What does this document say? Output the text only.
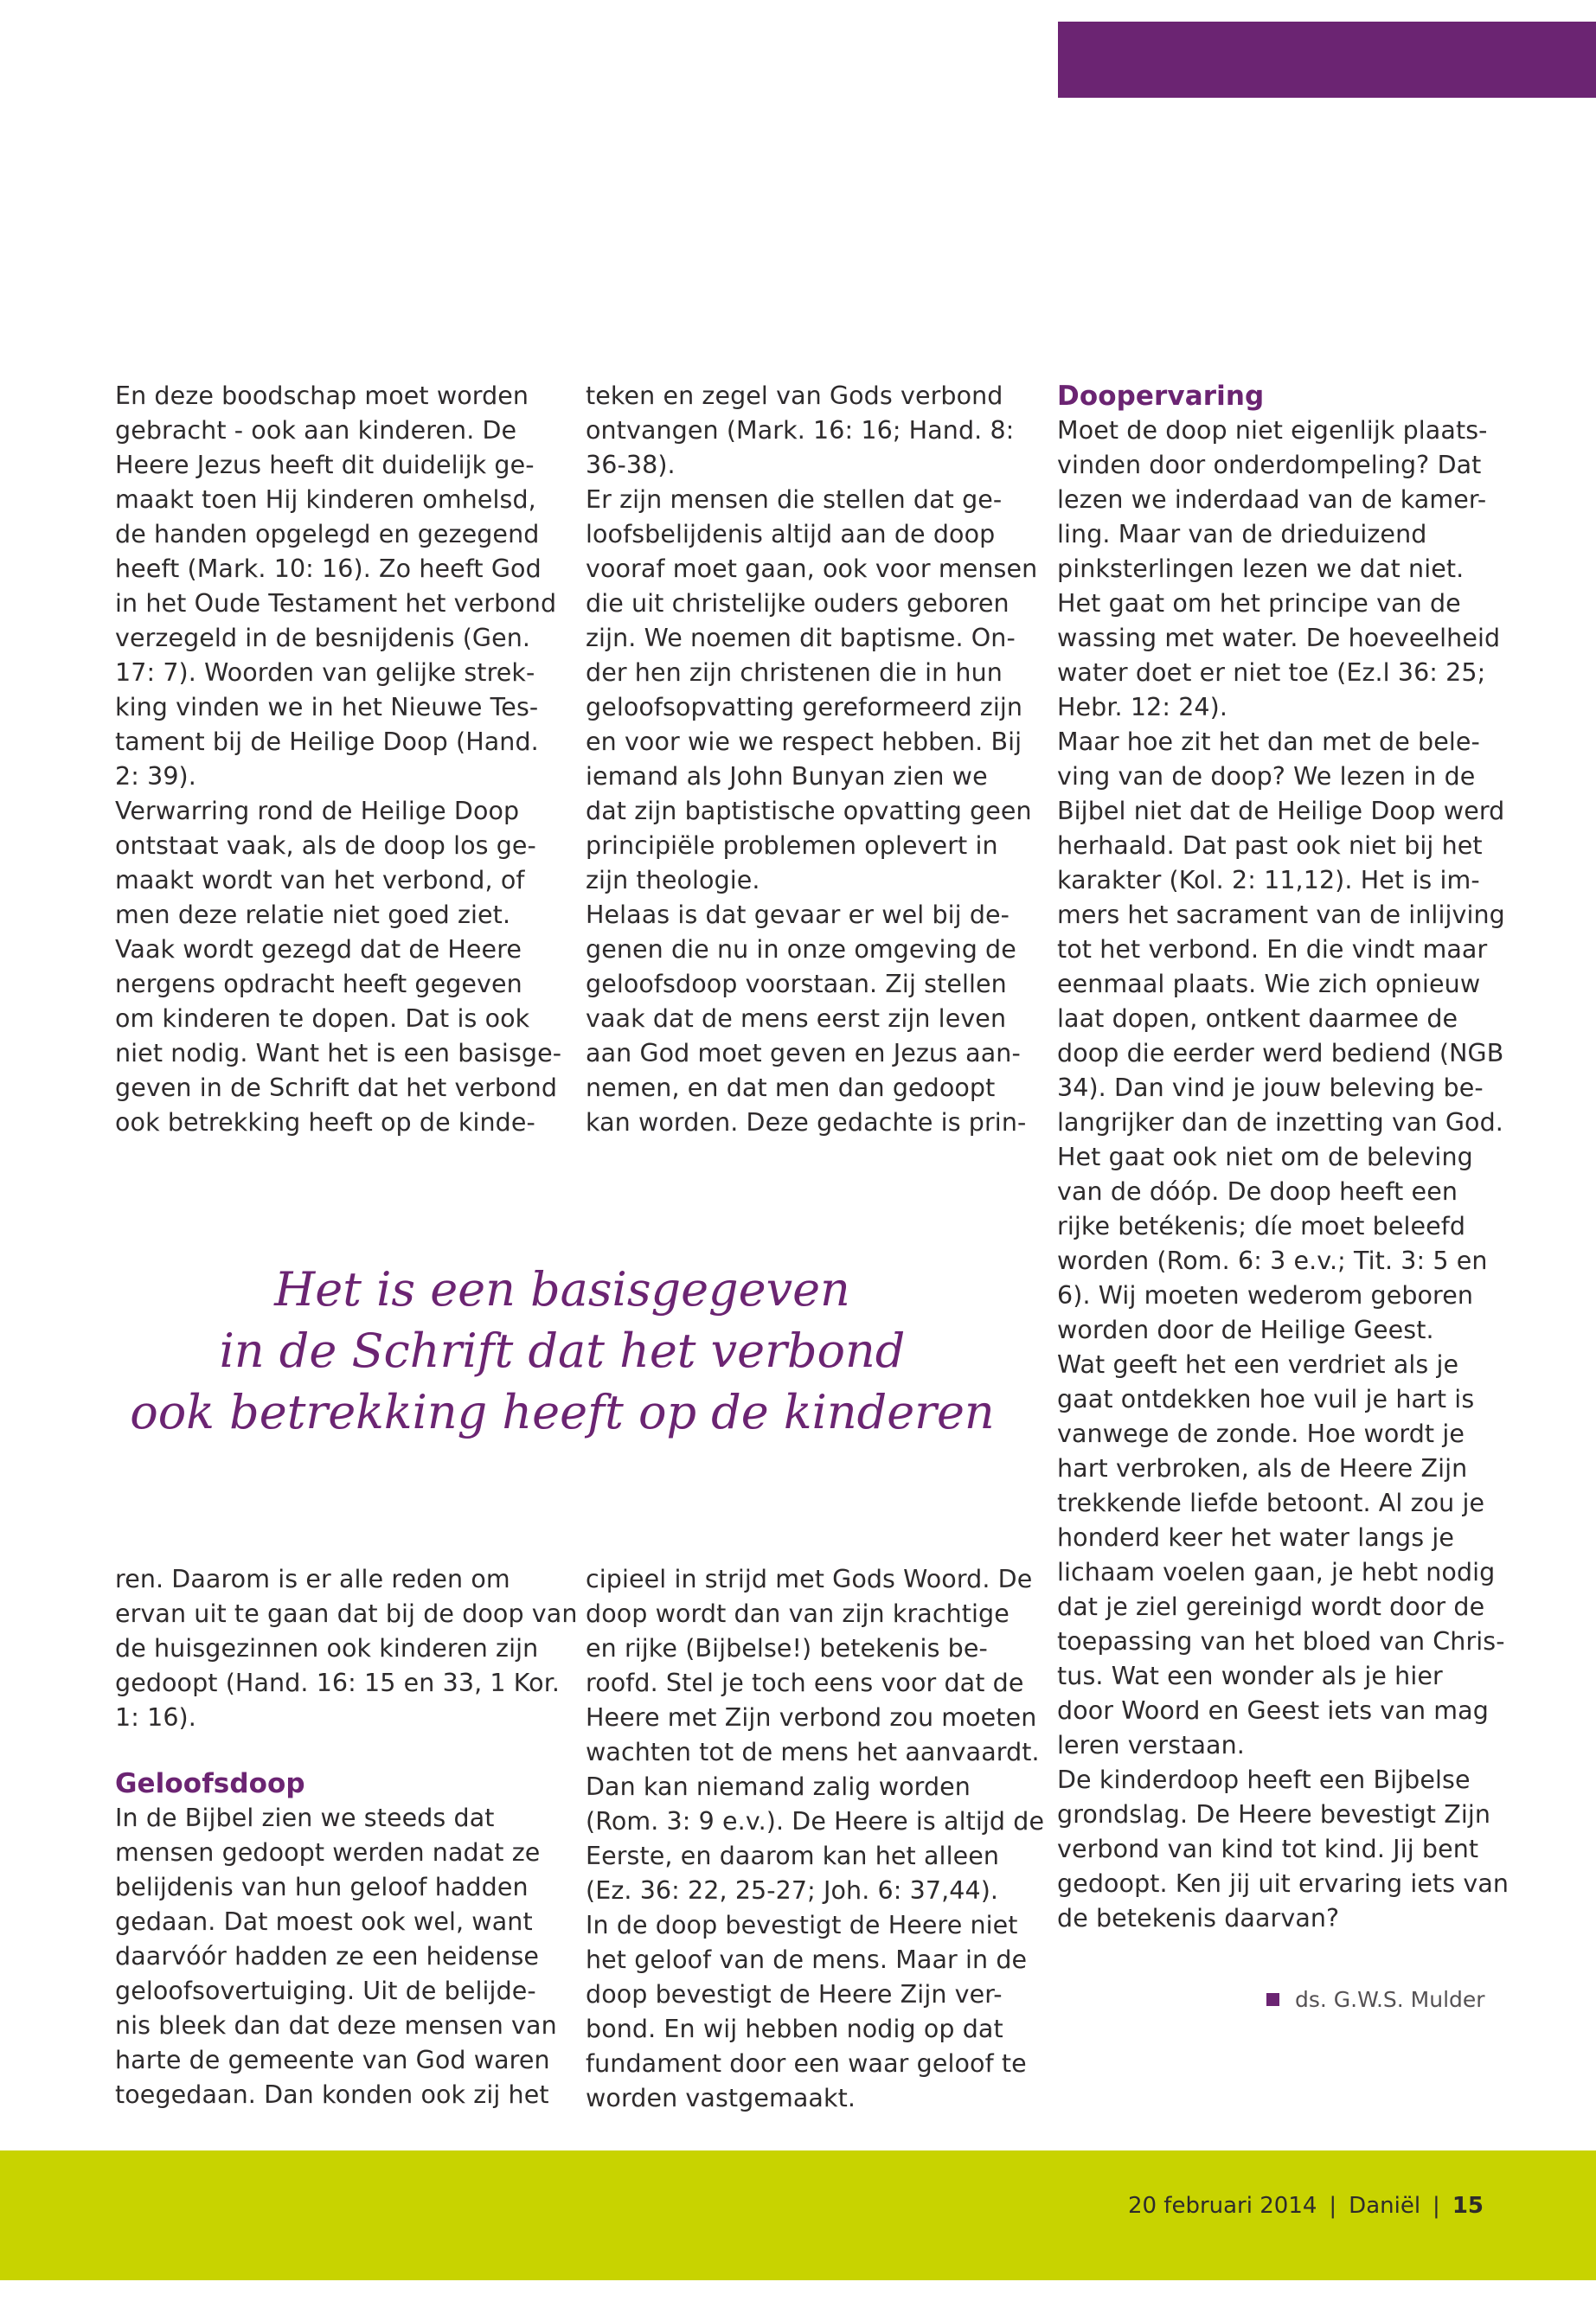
En deze boodschap moet worden
gebracht - ook aan kinderen. De
Heere Jezus heeft dit duidelijk ge-
maakt toen Hij kinderen omhelsd,
de handen opgelegd en gezegend
heeft (Mark. 10: 16). Zo heeft God
in het Oude Testament het verbond
verzegeld in de besnijdenis (Gen.
17: 7). Woorden van gelijke strek-
king vinden we in het Nieuwe Tes-
tament bij de Heilige Doop (Hand.
2: 39).
Verwarring rond de Heilige Doop
ontstaat vaak, als de doop los ge-
maakt wordt van het verbond, of
men deze relatie niet goed ziet.
Vaak wordt gezegd dat de Heere
nergens opdracht heeft gegeven
om kinderen te dopen. Dat is ook
niet nodig. Want het is een basisge-
geven in de Schrift dat het verbond
ook betrekking heeft op de kinde-
teken en zegel van Gods verbond
ontvangen (Mark. 16: 16; Hand. 8:
36-38).
Er zijn mensen die stellen dat ge-
loofsbelijdenis altijd aan de doop
vooraf moet gaan, ook voor mensen
die uit christelijke ouders geboren
zijn. We noemen dit baptisme. On-
der hen zijn christenen die in hun
geloofsopvatting gereformeerd zijn
en voor wie we respect hebben. Bij
iemand als John Bunyan zien we
dat zijn baptistische opvatting geen
principiële problemen oplevert in
zijn theologie.
Helaas is dat gevaar er wel bij de-
genen die nu in onze omgeving de
geloofsdoop voorstaan. Zij stellen
vaak dat de mens eerst zijn leven
aan God moet geven en Jezus aan-
nemen, en dat men dan gedoopt
kan worden. Deze gedachte is prin-
Doopervaring
Moet de doop niet eigenlijk plaats-
vinden door onderdompeling? Dat
lezen we inderdaad van de kamer-
ling. Maar van de drieduizend
pinksterlingen lezen we dat niet.
Het gaat om het principe van de
wassing met water. De hoeveelheid
water doet er niet toe (Ez.l 36: 25;
Hebr. 12: 24).
Maar hoe zit het dan met de bele-
ving van de doop? We lezen in de
Bijbel niet dat de Heilige Doop werd
herhaald. Dat past ook niet bij het
karakter (Kol. 2: 11,12). Het is im-
mers het sacrament van de inlijving
tot het verbond. En die vindt maar
eenmaal plaats. Wie zich opnieuw
laat dopen, ontkent daarmee de
doop die eerder werd bediend (NGB
34). Dan vind je jouw beleving be-
langrijker dan de inzetting van God.
Het gaat ook niet om de beleving
van de dóóp. De doop heeft een
rijke betékenis; díe moet beleefd
worden (Rom. 6: 3 e.v.; Tit. 3: 5 en
6). Wij moeten wederom geboren
worden door de Heilige Geest.
Wat geeft het een verdriet als je
gaat ontdekken hoe vuil je hart is
vanwege de zonde. Hoe wordt je
hart verbroken, als de Heere Zijn
trekkende liefde betoont. Al zou je
honderd keer het water langs je
lichaam voelen gaan, je hebt nodig
dat je ziel gereinigd wordt door de
toepassing van het bloed van Chris-
tus. Wat een wonder als je hier
door Woord en Geest iets van mag
leren verstaan.
De kinderdoop heeft een Bijbelse
grondslag. De Heere bevestigt Zijn
verbond van kind tot kind. Jij bent
gedoopt. Ken jij uit ervaring iets van
de betekenis daarvan?
Het is een basisgegeven
in de Schrift dat het verbond
ook betrekking heeft op de kinderen
ren. Daarom is er alle reden om
ervan uit te gaan dat bij de doop van
de huisgezinnen ook kinderen zijn
gedoopt (Hand. 16: 15 en 33, 1 Kor.
1: 16).
Geloofsdoop
In de Bijbel zien we steeds dat
mensen gedoopt werden nadat ze
belijdenis van hun geloof hadden
gedaan. Dat moest ook wel, want
daarvóór hadden ze een heidense
geloofsovertuiging. Uit de belijde-
nis bleek dan dat deze mensen van
harte de gemeente van God waren
toegedaan. Dan konden ook zij het
cipieel in strijd met Gods Woord. De
doop wordt dan van zijn krachtige
en rijke (Bijbelse!) betekenis be-
roofd. Stel je toch eens voor dat de
Heere met Zijn verbond zou moeten
wachten tot de mens het aanvaardt.
Dan kan niemand zalig worden
(Rom. 3: 9 e.v.). De Heere is altijd de
Eerste, en daarom kan het alleen
(Ez. 36: 22, 25-27; Joh. 6: 37,44).
In de doop bevestigt de Heere niet
het geloof van de mens. Maar in de
doop bevestigt de Heere Zijn ver-
bond. En wij hebben nodig op dat
fundament door een waar geloof te
worden vastgemaakt.
ds. G.W.S. Mulder
20 februari 2014 | Daniël | 15
